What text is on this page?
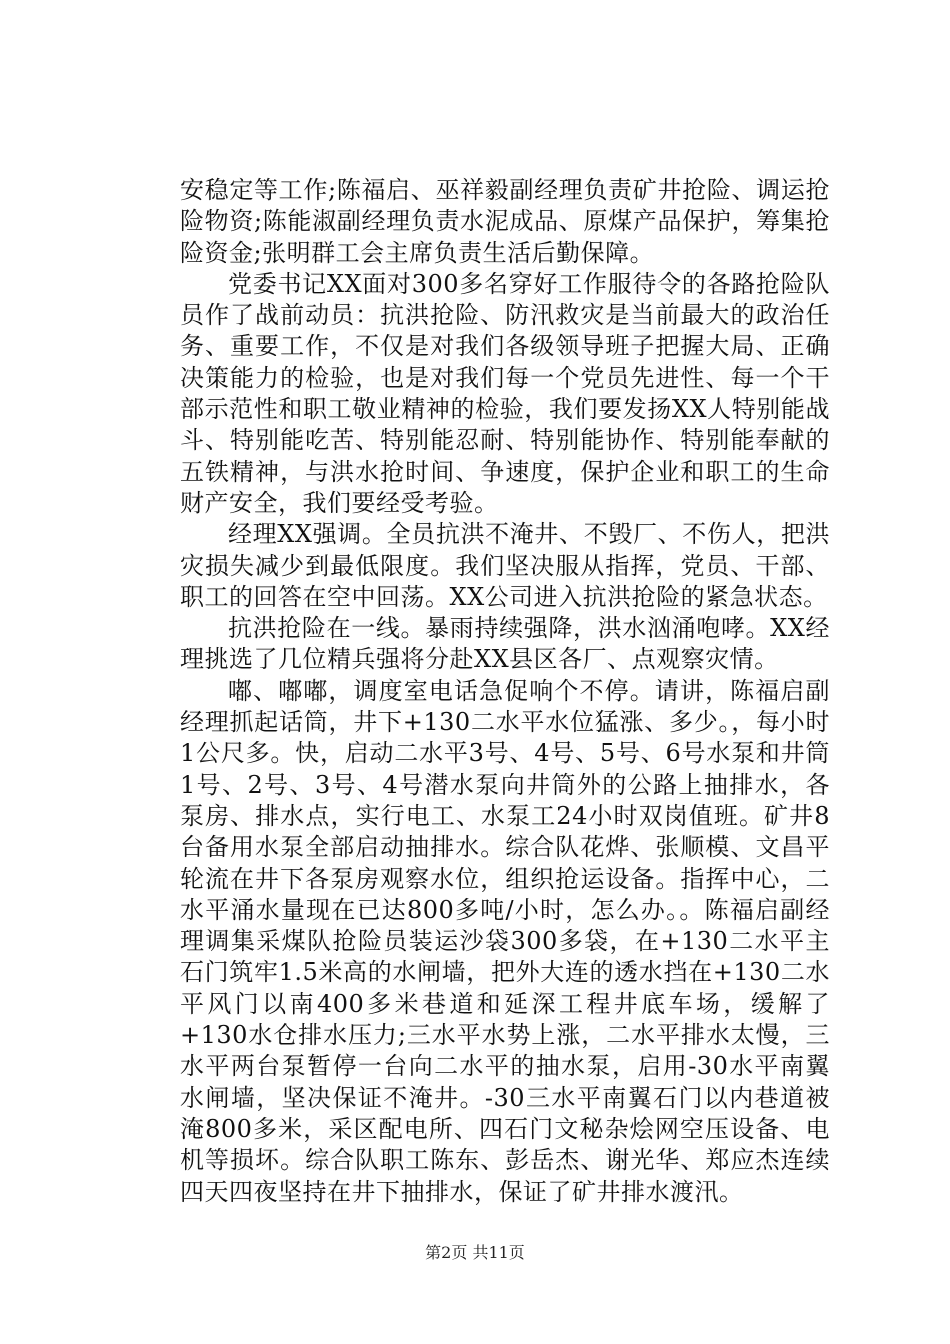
安稳定等工作;陈福启、巫祥毅副经理负责矿井抢险、调运抢险物资;陈能淑副经理负责水泥成品、原煤产品保护，筹集抢险资金;张明群工会主席负责生活后勤保障。

党委书记XX面对300多名穿好工作服待令的各路抢险队员作了战前动员：抗洪抢险、防汛救灾是当前最大的政治任务、重要工作，不仅是对我们各级领导班子把握大局、正确决策能力的检验，也是对我们每一个党员先进性、每一个干部示范性和职工敬业精神的检验，我们要发扬XX人特别能战斗、特别能吃苦、特别能忍耐、特别能协作、特别能奉献的五铁精神，与洪水抢时间、争速度，保护企业和职工的生命财产安全，我们要经受考验。

经理XX强调。全员抗洪不淹井、不毁厂、不伤人，把洪灾损失减少到最低限度。我们坚决服从指挥，党员、干部、职工的回答在空中回荡。XX公司进入抗洪抢险的紧急状态。

抗洪抢险在一线。暴雨持续强降，洪水汹涌咆哮。XX经理挑选了几位精兵强将分赴XX县区各厂、点观察灾情。

嘟、嘟嘟，调度室电话急促响个不停。请讲，陈福启副经理抓起话筒，井下+130二水平水位猛涨、多少。，每小时1公尺多。快，启动二水平3号、4号、5号、6号水泵和井筒1号、2号、3号、4号潜水泵向井筒外的公路上抽排水，各泵房、排水点，实行电工、水泵工24小时双岗值班。矿井8台备用水泵全部启动抽排水。综合队花烨、张顺模、文昌平轮流在井下各泵房观察水位，组织抢运设备。指挥中心，二水平涌水量现在已达800多吨/小时，怎么办。。陈福启副经理调集采煤队抢险员装运沙袋300多袋，在+130二水平主石门筑牢1.5米高的水闸墙，把外大连的透水挡在+130二水平风门以南400多米巷道和延深工程井底车场，缓解了+130水仓排水压力;三水平水势上涨，二水平排水太慢，三水平两台泵暂停一台向二水平的抽水泵，启用-30水平南翼水闸墙，坚决保证不淹井。-30三水平南翼石门以内巷道被淹800多米，采区配电所、四石门文秘杂烩网空压设备、电机等损坏。综合队职工陈东、彭岳杰、谢光华、郑应杰连续四天四夜坚持在井下抽排水，保证了矿井排水渡汛。

第2页 共11页
